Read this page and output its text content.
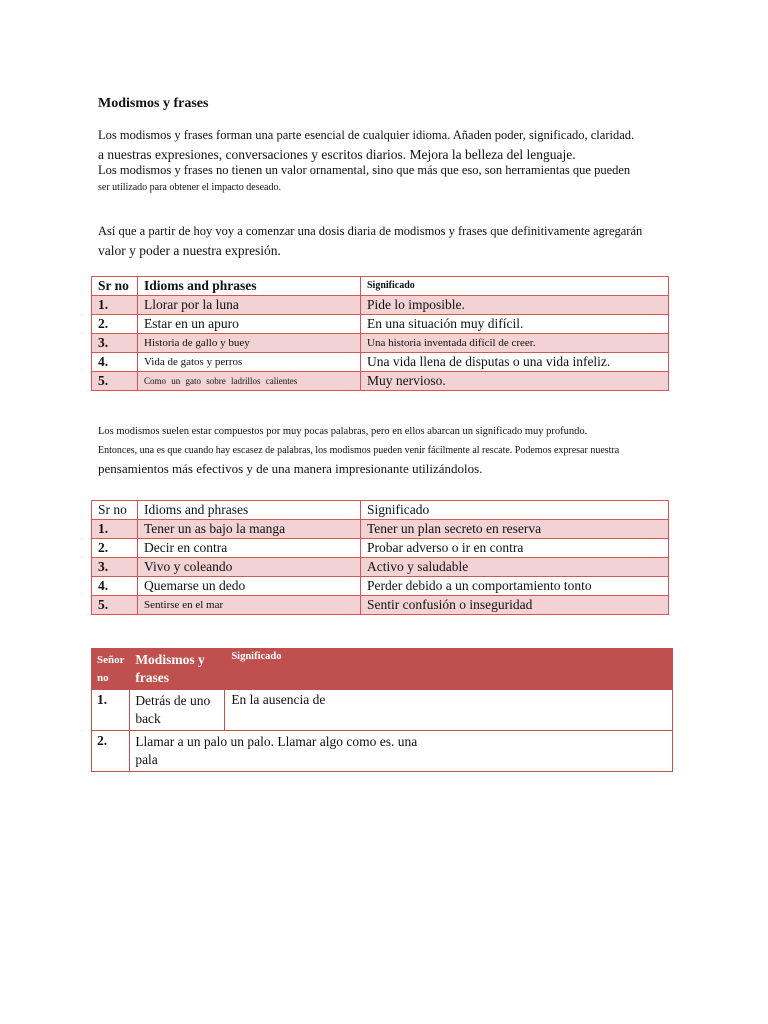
Modismos y frases
Los modismos y frases forman una parte esencial de cualquier idioma. Añaden poder, significado, claridad.
a nuestras expresiones, conversaciones y escritos diarios. Mejora la belleza del lenguaje.
Los modismos y frases no tienen un valor ornamental, sino que más que eso, son herramientas que pueden
ser utilizado para obtener el impacto deseado.
Así que a partir de hoy voy a comenzar una dosis diaria de modismos y frases que definitivamente agregarán
valor y poder a nuestra expresión.
Sr no	Idioms and phrases	Significado
1.	Llorar por la luna	Pide lo imposible.
2.	Estar en un apuro	En una situación muy difícil.
3.	Historia de gallo y buey	Una historia inventada difícil de creer.
4.	Vida de gatos y perros	Una vida llena de disputas o una vida infeliz.
5.	Como un gato sobre ladrillos calientes	Muy nervioso.
Los modismos suelen estar compuestos por muy pocas palabras, pero en ellos abarcan un significado muy profundo.
Entonces, una es que cuando hay escasez de palabras, los modismos pueden venir fácilmente al rescate. Podemos expresar nuestra
pensamientos más efectivos y de una manera impresionante utilizándolos.
Sr no	Idioms and phrases	Significado
1.	Tener un as bajo la manga	Tener un plan secreto en reserva
2.	Decir en contra	Probar adverso o ir en contra
3.	Vivo y coleando	Activo y saludable
4.	Quemarse un dedo	Perder debido a un comportamiento tonto
5.	Sentirse en el mar	Sentir confusión o inseguridad
Señor no	Modismos y frases	Significado
1.	Detrás de uno back	En la ausencia de
2.	Llamar a un palo un palo. Llamar algo como es. una pala	
